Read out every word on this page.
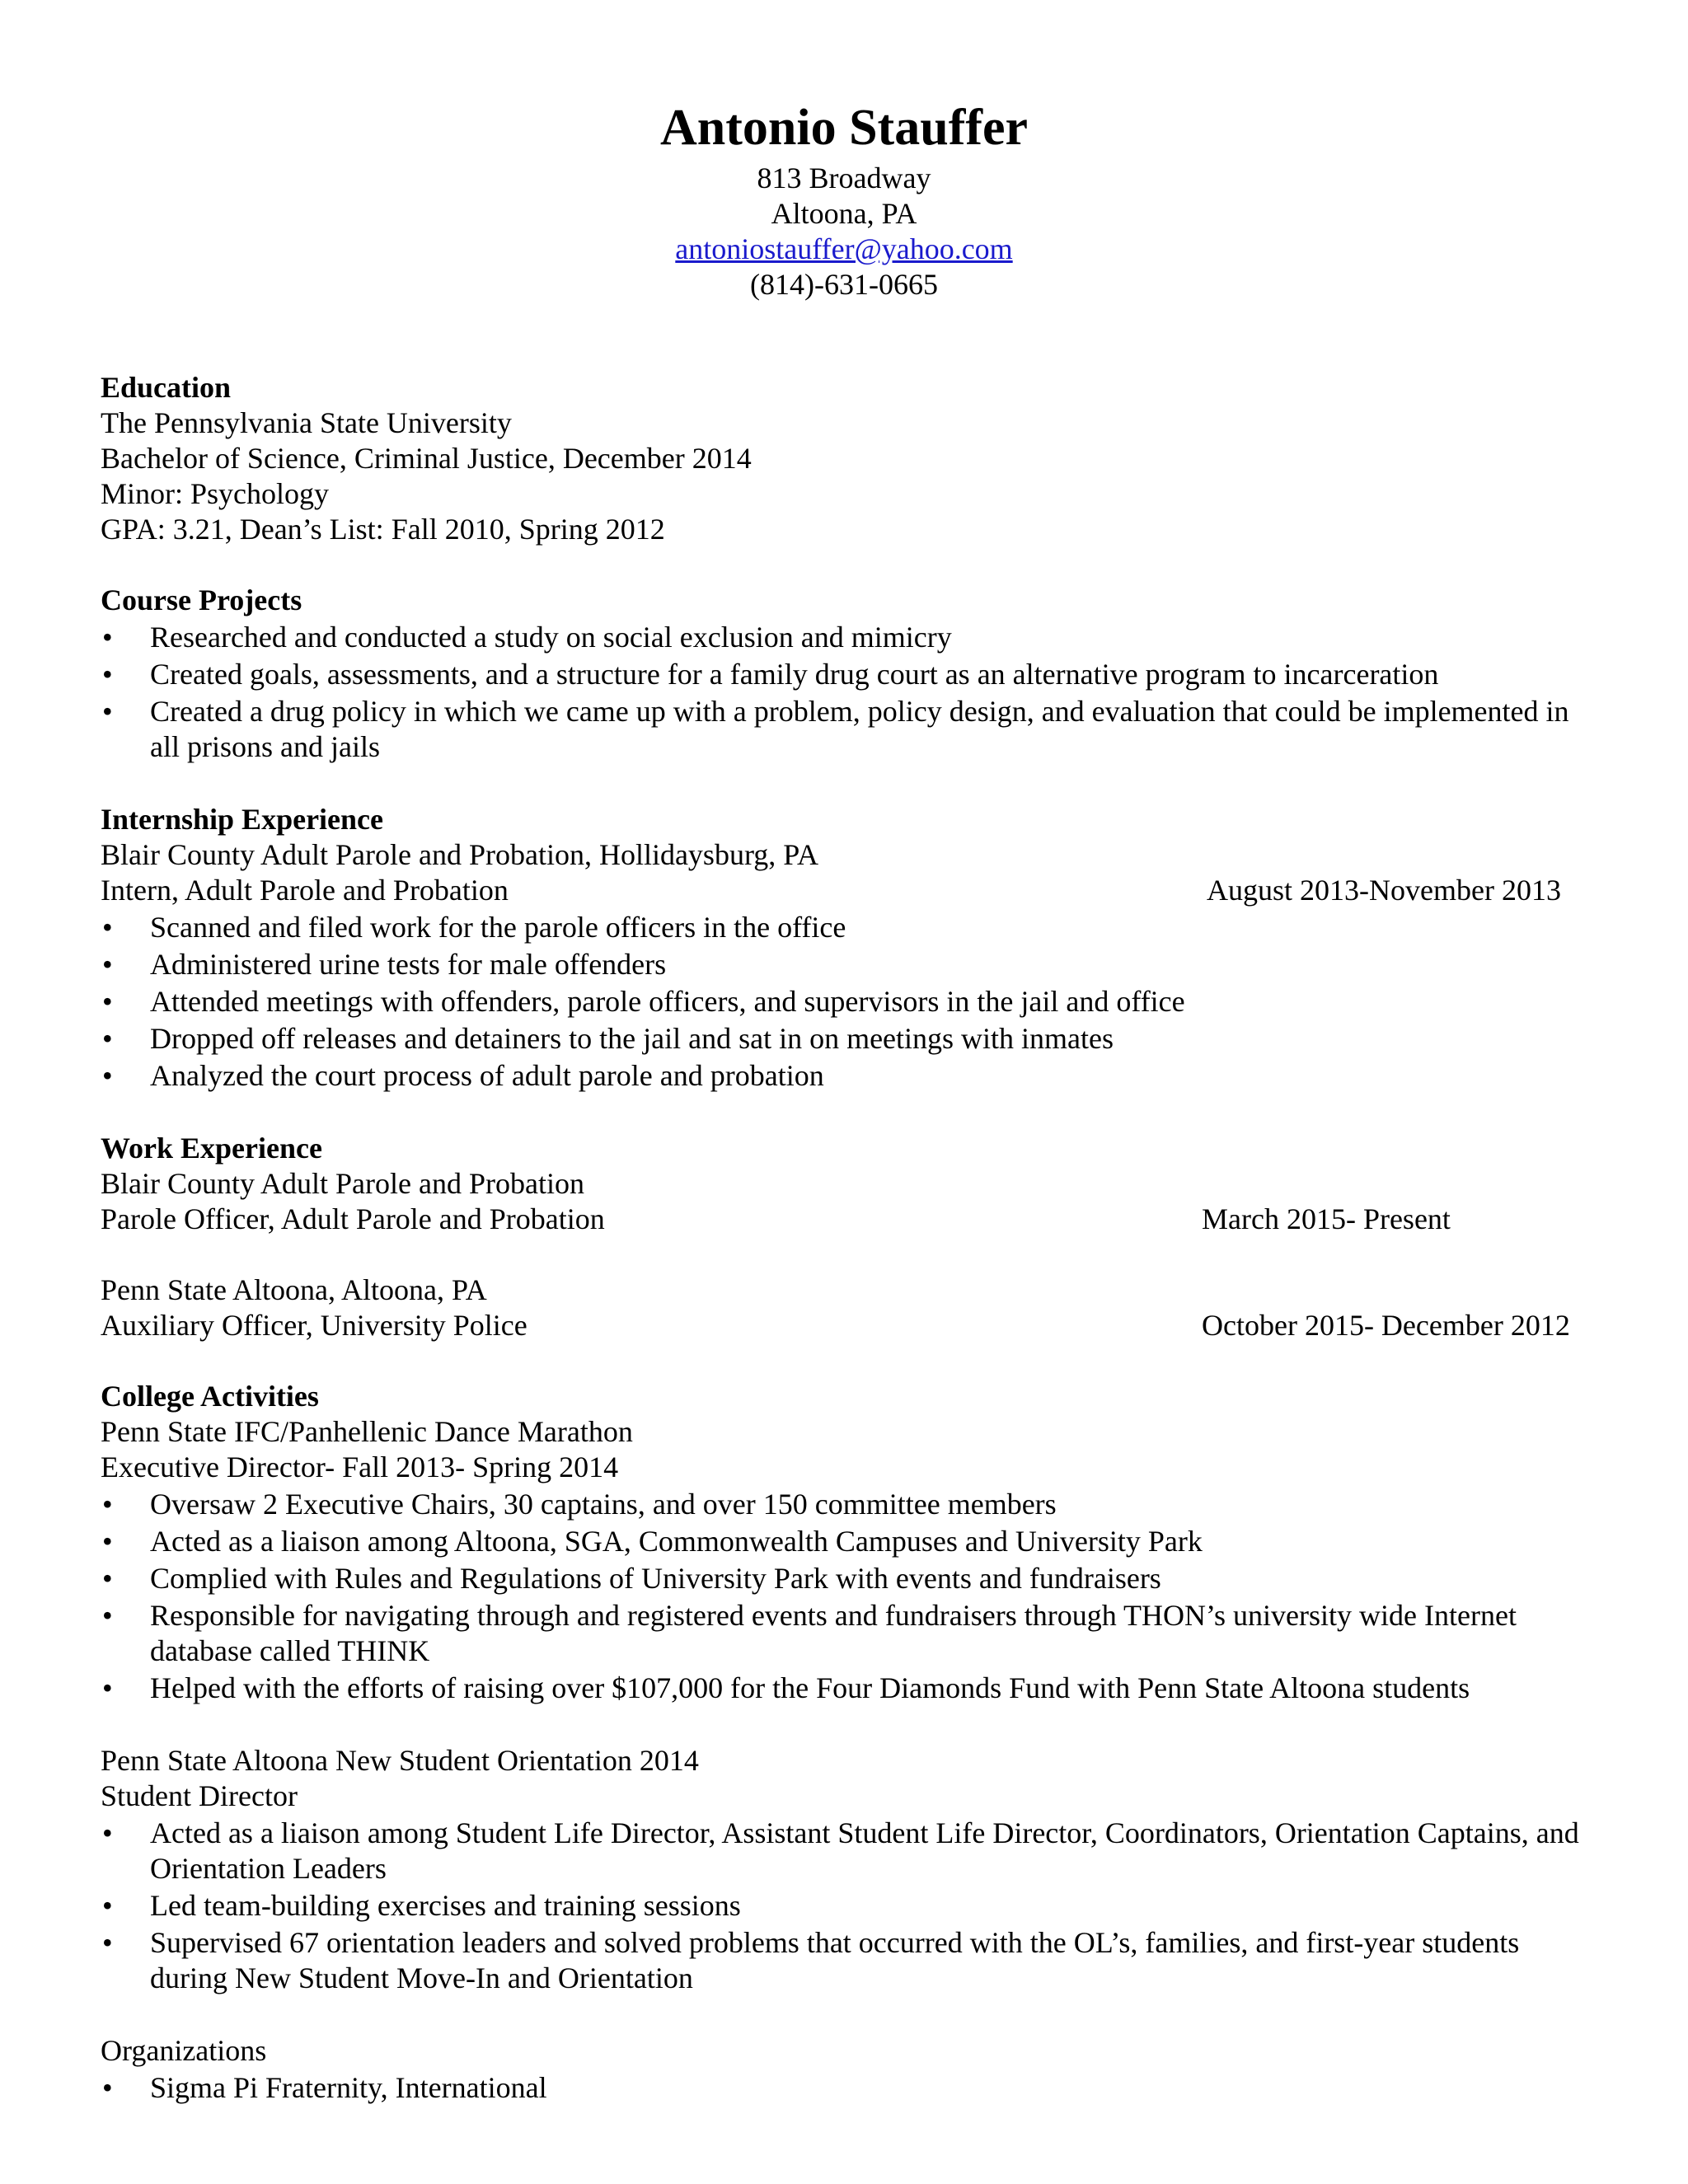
Antonio Stauffer
813 Broadway
Altoona, PA
antoniostauffer@yahoo.com
(814)-631-0665
Education
The Pennsylvania State University
Bachelor of Science, Criminal Justice, December 2014
Minor: Psychology
GPA: 3.21, Dean’s List: Fall 2010, Spring 2012
Course Projects
• Researched and conducted a study on social exclusion and mimicry
• Created goals, assessments, and a structure for a family drug court as an alternative program to incarceration
• Created a drug policy in which we came up with a problem, policy design, and evaluation that could be implemented in all prisons and jails
Internship Experience
Blair County Adult Parole and Probation, Hollidaysburg, PA
Intern, Adult Parole and Probation	August 2013-November 2013
• Scanned and filed work for the parole officers in the office
• Administered urine tests for male offenders
• Attended meetings with offenders, parole officers, and supervisors in the jail and office
• Dropped off releases and detainers to the jail and sat in on meetings with inmates
• Analyzed the court process of adult parole and probation
Work Experience
Blair County Adult Parole and Probation
Parole Officer, Adult Parole and Probation	March 2015- Present
Penn State Altoona, Altoona, PA
Auxiliary Officer, University Police	October 2015- December 2012
College Activities
Penn State IFC/Panhellenic Dance Marathon
Executive Director- Fall 2013- Spring 2014
• Oversaw 2 Executive Chairs, 30 captains, and over 150 committee members
• Acted as a liaison among Altoona, SGA, Commonwealth Campuses and University Park
• Complied with Rules and Regulations of University Park with events and fundraisers
• Responsible for navigating through and registered events and fundraisers through THON’s university wide Internet database called THINK
• Helped with the efforts of raising over $107,000 for the Four Diamonds Fund with Penn State Altoona students
Penn State Altoona New Student Orientation 2014
Student Director
• Acted as a liaison among Student Life Director, Assistant Student Life Director, Coordinators, Orientation Captains, and Orientation Leaders
• Led team-building exercises and training sessions
• Supervised 67 orientation leaders and solved problems that occurred with the OL’s, families, and first-year students during New Student Move-In and Orientation
Organizations
• Sigma Pi Fraternity, International
